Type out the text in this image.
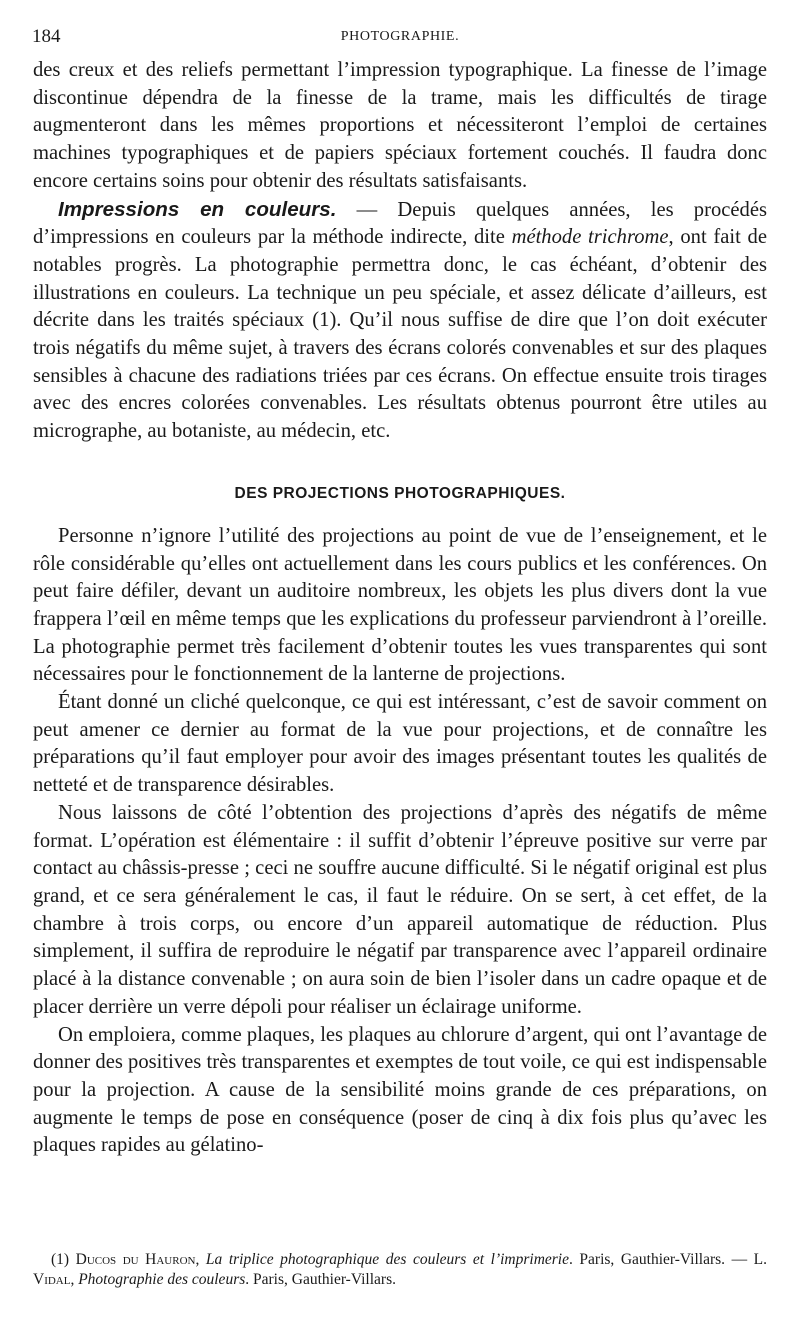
184	PHOTOGRAPHIE.

des creux et des reliefs permettant l’impression typographique. La finesse de l’image discontinue dépendra de la finesse de la trame, mais les difficultés de tirage augmenteront dans les mêmes proportions et nécessiteront l’emploi de certaines machines typographiques et de papiers spéciaux fortement couchés. Il faudra donc encore certains soins pour obtenir des résultats satisfaisants.

Impressions en couleurs. — Depuis quelques années, les procédés d’impressions en couleurs par la méthode indirecte, dite méthode trichrome, ont fait de notables progrès. La photographie permettra donc, le cas échéant, d’obtenir des illustrations en couleurs. La technique un peu spéciale, et assez délicate d’ailleurs, est décrite dans les traités spéciaux (1). Qu’il nous suffise de dire que l’on doit exécuter trois négatifs du même sujet, à travers des écrans colorés convenables et sur des plaques sensibles à chacune des radiations triées par ces écrans. On effectue ensuite trois tirages avec des encres colorées convenables. Les résultats obtenus pourront être utiles au micrographe, au botaniste, au médecin, etc.

DES PROJECTIONS PHOTOGRAPHIQUES.

Personne n’ignore l’utilité des projections au point de vue de l’enseignement, et le rôle considérable qu’elles ont actuellement dans les cours publics et les conférences. On peut faire défiler, devant un auditoire nombreux, les objets les plus divers dont la vue frappera l’œil en même temps que les explications du professeur parviendront à l’oreille. La photographie permet très facilement d’obtenir toutes les vues transparentes qui sont nécessaires pour le fonctionnement de la lanterne de projections.

Étant donné un cliché quelconque, ce qui est intéressant, c’est de savoir comment on peut amener ce dernier au format de la vue pour projections, et de connaître les préparations qu’il faut employer pour avoir des images présentant toutes les qualités de netteté et de transparence désirables.

Nous laissons de côté l’obtention des projections d’après des négatifs de même format. L’opération est élémentaire : il suffit d’obtenir l’épreuve positive sur verre par contact au châssis-presse ; ceci ne souffre aucune difficulté. Si le négatif original est plus grand, et ce sera généralement le cas, il faut le réduire. On se sert, à cet effet, de la chambre à trois corps, ou encore d’un appareil automatique de réduction. Plus simplement, il suffira de reproduire le négatif par transparence avec l’appareil ordinaire placé à la distance convenable ; on aura soin de bien l’isoler dans un cadre opaque et de placer derrière un verre dépoli pour réaliser un éclairage uniforme.

On emploiera, comme plaques, les plaques au chlorure d’argent, qui ont l’avantage de donner des positives très transparentes et exemptes de tout voile, ce qui est indispensable pour la projection. A cause de la sensibilité moins grande de ces préparations, on augmente le temps de pose en conséquence (poser de cinq à dix fois plus qu’avec les plaques rapides au gélatino-

(1) Ducos du Hauron, La triplice photographique des couleurs et l’imprimerie. Paris, Gauthier-Villars. — L. Vidal, Photographie des couleurs. Paris, Gauthier-Villars.
